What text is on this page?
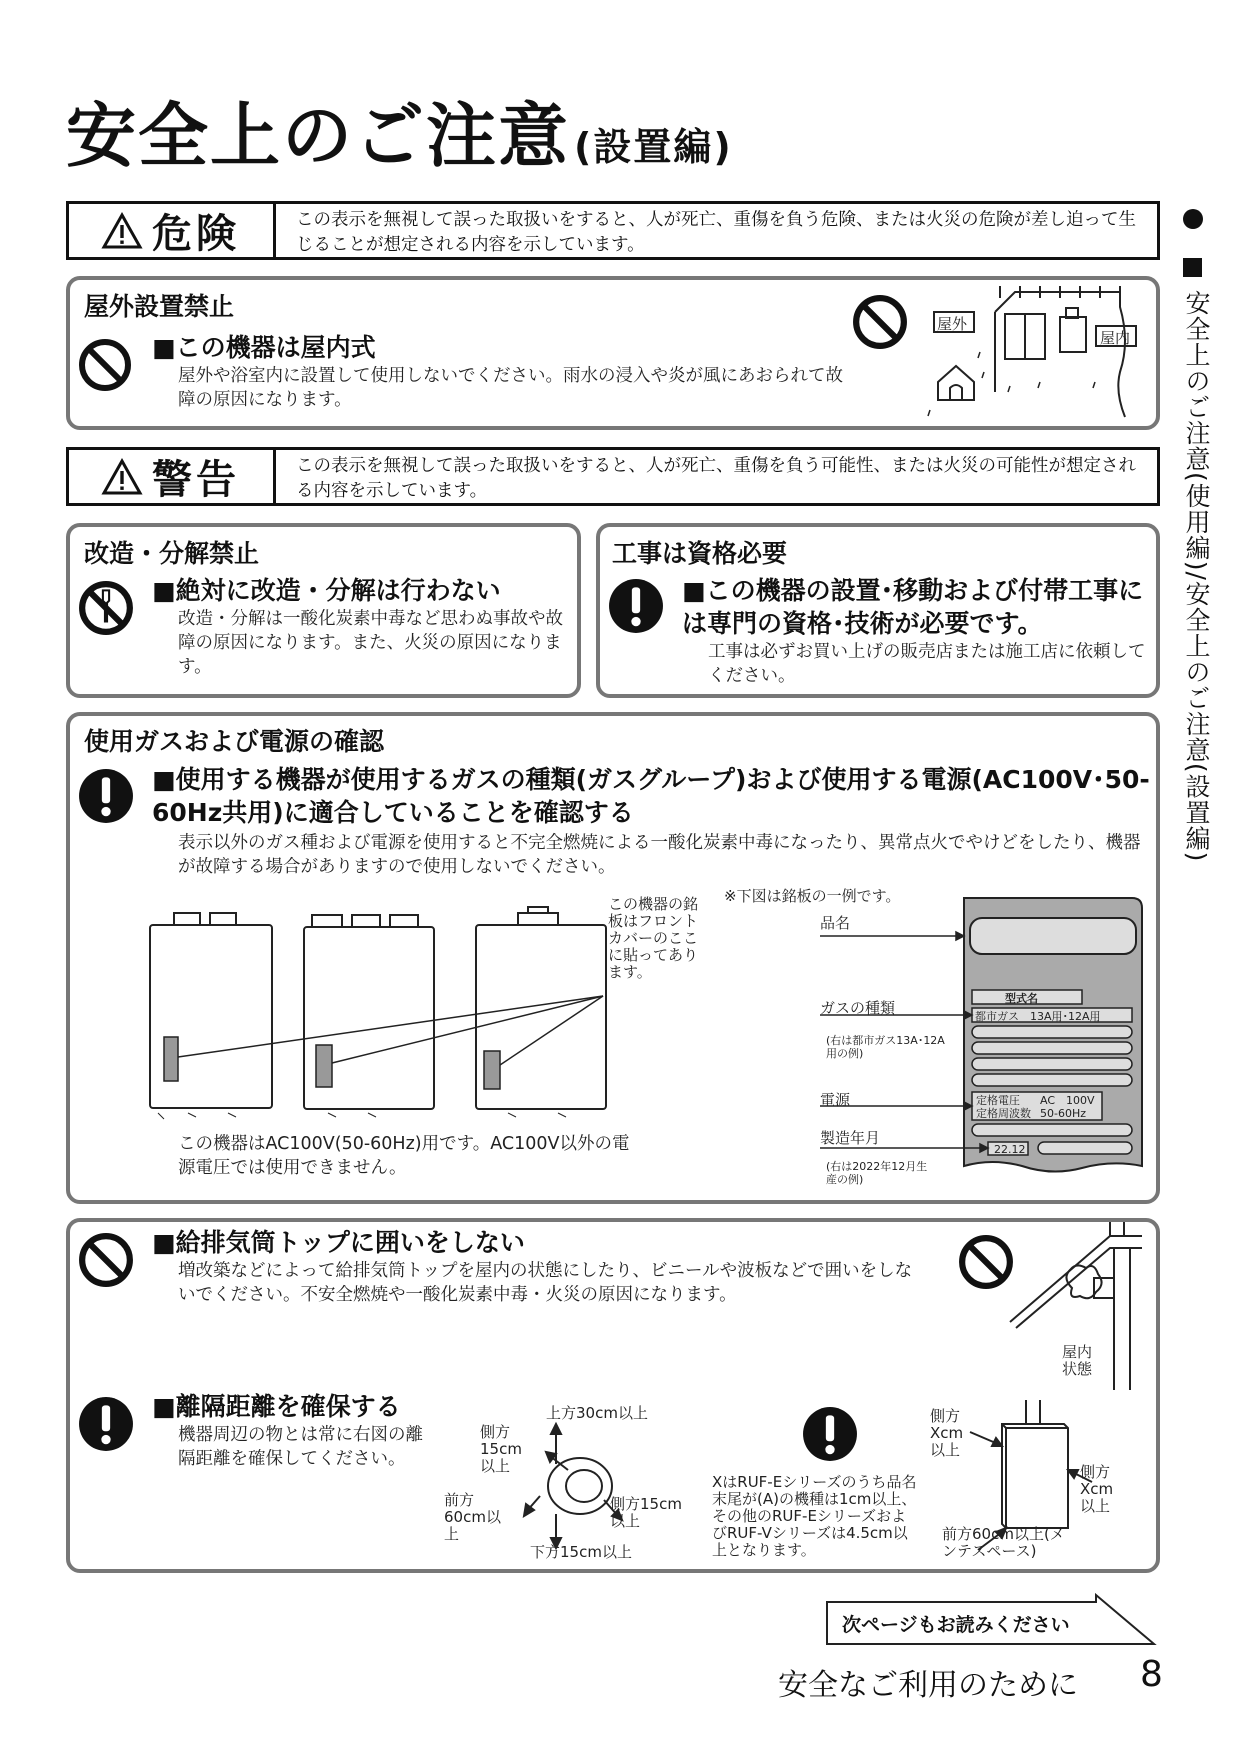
安全上のご注意 (設置編)
安全上のご注意(使用編)/安全上のご注意(設置編)
危険	この表示を無視して誤った取扱いをすると、人が死亡、重傷を負う危険、または火災の危険が差し迫って生じることが想定される内容を示しています。
屋外設置禁止
■この機器は屋内式
屋外や浴室内に設置して使用しないでください。雨水の浸入や炎が風にあおられて故障の原因になります。
屋外
屋内
警告	この表示を無視して誤った取扱いをすると、人が死亡、重傷を負う可能性、または火災の可能性が想定される内容を示しています。
改造・分解禁止
■絶対に改造・分解は行わない
改造・分解は一酸化炭素中毒など思わぬ事故や故障の原因になります。また、火災の原因になります。
工事は資格必要
■この機器の設置･移動および付帯工事には専門の資格･技術が必要です。
工事は必ずお買い上げの販売店または施工店に依頼してください。
使用ガスおよび電源の確認
■使用する機器が使用するガスの種類(ガスグループ)および使用する電源(AC100V･50-60Hz共用)に適合していることを確認する
表示以外のガス種および電源を使用すると不完全燃焼による一酸化炭素中毒になったり、異常点火でやけどをしたり、機器が故障する場合がありますので使用しないでください。
この機器の銘板はフロントカバーのここに貼ってあります。
※下図は銘板の一例です。
この機器はAC100V(50-60Hz)用です。AC100V以外の電源電圧では使用できません。
型式名
都市ガス　13A用･12A用
定格電圧 AC　100V
定格周波数 50-60Hz
22.12
品名
ガスの種類
(右は都市ガス13A･12A用の例)
電源
製造年月
(右は2022年12月生産の例)
■給排気筒トップに囲いをしない
増改築などによって給排気筒トップを屋内の状態にしたり、ビニールや波板などで囲いをしないでください。不安全燃焼や一酸化炭素中毒・火災の原因になります。
屋内状態
■離隔距離を確保する
機器周辺の物とは常に右図の離隔距離を確保してください。
上方30cm以上
側方15cm以上
前方60cm以上
側方15cm以上
下方15cm以上
XはRUF-Eシリーズのうち品名末尾が(A)の機種は1cm以上、その他のRUF-EシリーズおよびRUF-Vシリーズは4.5cm以上となります。
側方Xcm以上
側方Xcm以上
前方60cm以上(メンテスペース)
次ページもお読みください
安全なご利用のために 8
